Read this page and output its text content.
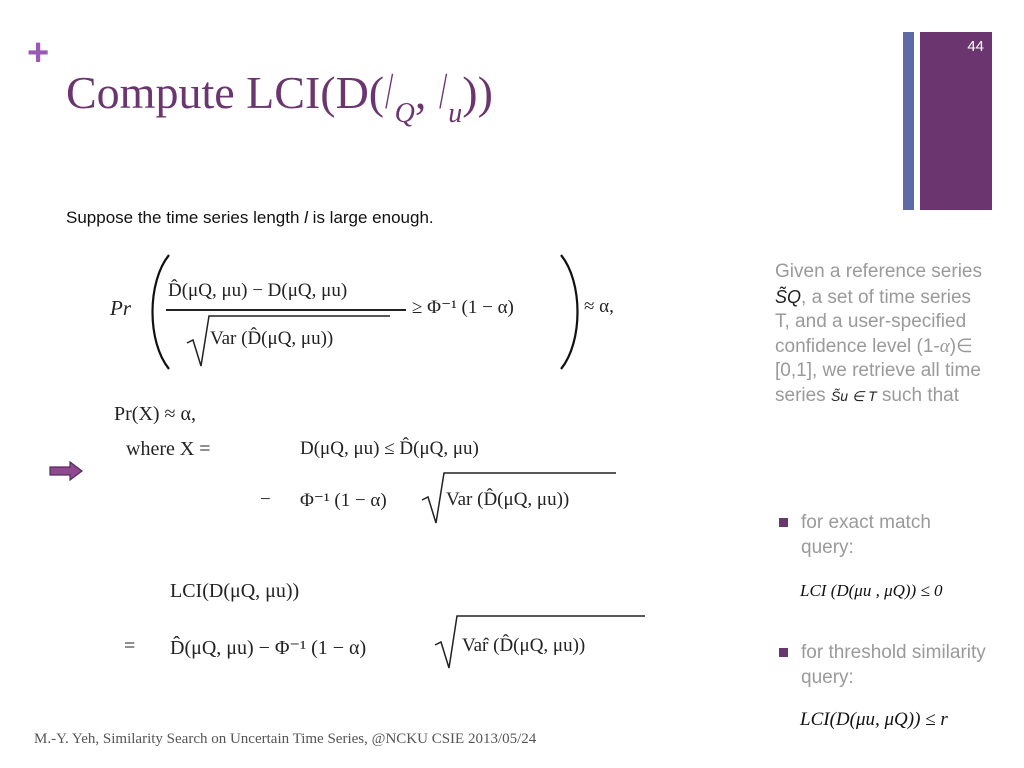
+
Compute $LCI(D(/_Q$, $/_u$))
44
Suppose the time series length l is large enough.
Pr
D̂(μQ, μu) − D(μQ, μu)
Var (D̂(μQ, μu))
≥ Φ⁻¹ (1 − α)	≈ α,
Pr(X) ≈ α,
where X =	D(μQ, μu) ≤ D̂(μQ, μu)
− Φ⁻¹ (1 − α)	Var (D̂(μQ, μu))
LCI(D(μQ, μu))
= D̂(μQ, μu) − Φ⁻¹ (1 − α)	Var̂ (D̂(μQ, μu))
Given a reference series S̃Q, a set of time series T, and a user-specified confidence level (1-α)∈ [0,1], we retrieve all time series S̃u ∈ T such that
for exact match query:
LCI (D(μu , μQ)) ≤ 0
for threshold similarity query:
LCI(D(μu, μQ)) ≤ r
M.-Y. Yeh, Similarity Search on Uncertain Time Series, @NCKU CSIE 2013/05/24
